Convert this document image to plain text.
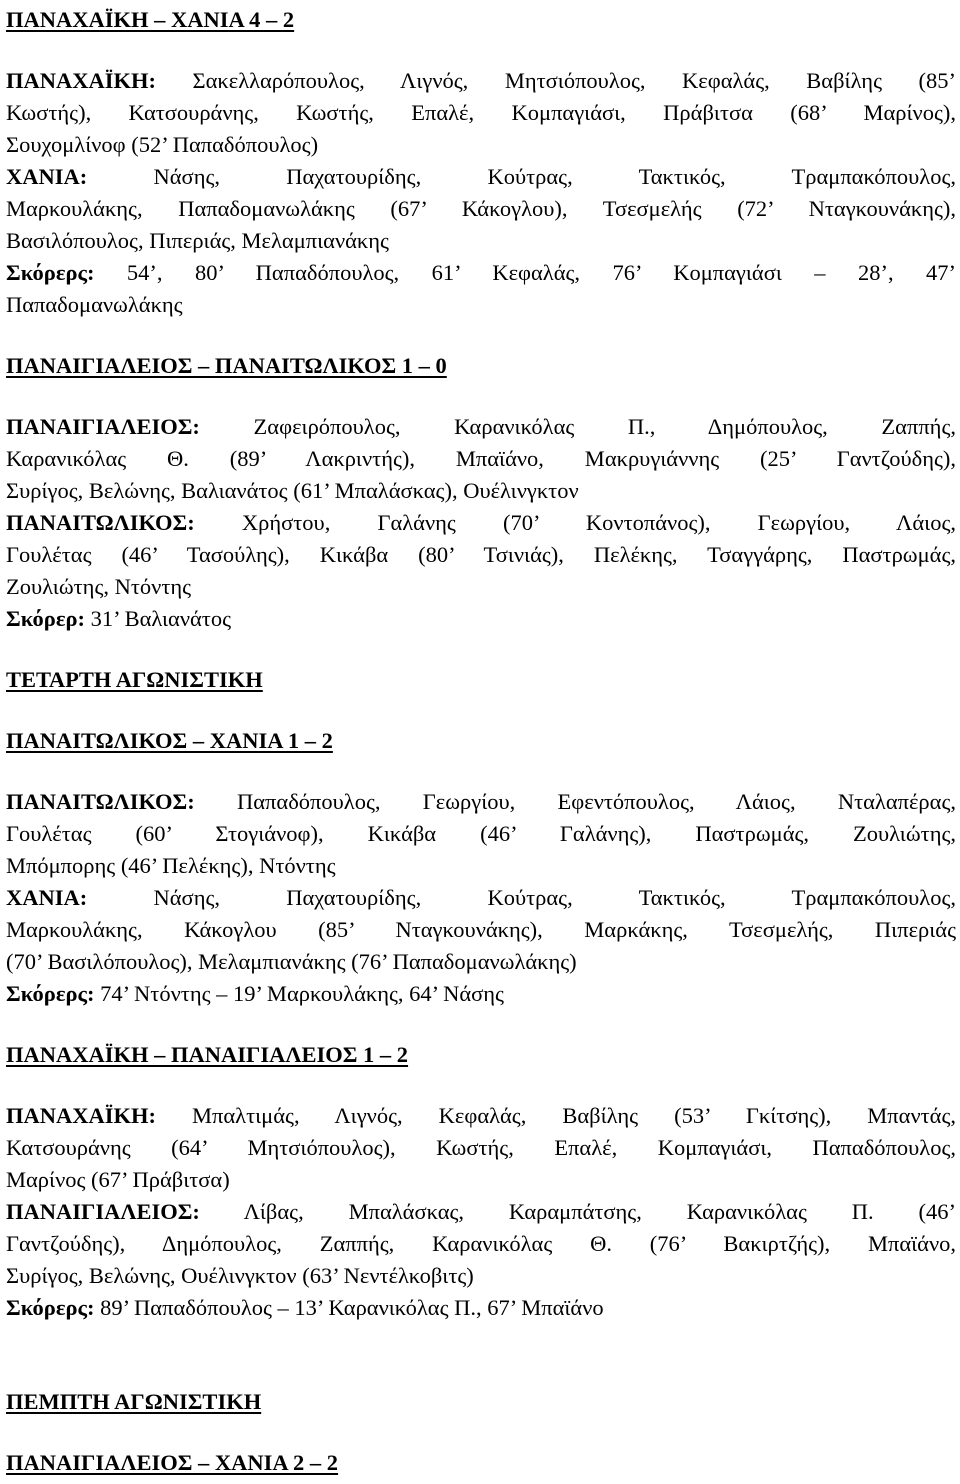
ΠΑΝΑΧΑΪΚΗ – ΧΑΝΙΑ 4 – 2
ΠΑΝΑΧΑΪΚΗ: Σακελλαρόπουλος, Λιγνός, Μητσιόπουλος, Κεφαλάς, Βαβίλης (85’
Κωστής), Κατσουράνης, Κωστής, Επαλέ, Κομπαγιάσι, Πράβιτσα (68’ Μαρίνος),
Σουχομλίνοφ (52’ Παπαδόπουλος)
ΧΑΝΙΑ: Νάσης, Παχατουρίδης, Κούτρας, Τακτικός, Τραμπακόπουλος,
Μαρκουλάκης, Παπαδομανωλάκης (67’ Κάκογλου), Τσεσμελής (72’ Νταγκουνάκης),
Βασιλόπουλος, Πιπεριάς, Μελαμπιανάκης
Σκόρερς: 54’, 80’ Παπαδόπουλος, 61’ Κεφαλάς, 76’ Κομπαγιάσι – 28’, 47’
Παπαδομανωλάκης
ΠΑΝΑΙΓΙΑΛΕΙΟΣ – ΠΑΝΑΙΤΩΛΙΚΟΣ 1 – 0
ΠΑΝΑΙΓΙΑΛΕΙΟΣ: Ζαφειρόπουλος, Καρανικόλας Π., Δημόπουλος, Ζαππής,
Καρανικόλας Θ. (89’ Λακριντής), Μπαϊάνο, Μακρυγιάννης (25’ Γαντζούδης),
Συρίγος, Βελώνης, Βαλιανάτος (61’ Μπαλάσκας), Ουέλινγκτον
ΠΑΝΑΙΤΩΛΙΚΟΣ: Χρήστου, Γαλάνης (70’ Κοντοπάνος), Γεωργίου, Λάιος,
Γουλέτας (46’ Τασούλης), Κικάβα (80’ Τσινιάς), Πελέκης, Τσαγγάρης, Παστρωμάς,
Ζουλιώτης, Ντόντης
Σκόρερ: 31’ Βαλιανάτος
ΤΕΤΑΡΤΗ ΑΓΩΝΙΣΤΙΚΗ
ΠΑΝΑΙΤΩΛΙΚΟΣ – ΧΑΝΙΑ 1 – 2
ΠΑΝΑΙΤΩΛΙΚΟΣ: Παπαδόπουλος, Γεωργίου, Εφεντόπουλος, Λάιος, Νταλαπέρας,
Γουλέτας (60’ Στογιάνοφ), Κικάβα (46’ Γαλάνης), Παστρωμάς, Ζουλιώτης,
Μπόμπορης (46’ Πελέκης), Ντόντης
ΧΑΝΙΑ: Νάσης, Παχατουρίδης, Κούτρας, Τακτικός, Τραμπακόπουλος,
Μαρκουλάκης, Κάκογλου (85’ Νταγκουνάκης), Μαρκάκης, Τσεσμελής, Πιπεριάς
(70’ Βασιλόπουλος), Μελαμπιανάκης (76’ Παπαδομανωλάκης)
Σκόρερς: 74’ Ντόντης – 19’ Μαρκουλάκης, 64’ Νάσης
ΠΑΝΑΧΑΪΚΗ – ΠΑΝΑΙΓΙΑΛΕΙΟΣ 1 – 2
ΠΑΝΑΧΑΪΚΗ: Μπαλτιμάς, Λιγνός, Κεφαλάς, Βαβίλης (53’ Γκίτσης), Μπαντάς,
Κατσουράνης (64’ Μητσιόπουλος), Κωστής, Επαλέ, Κομπαγιάσι, Παπαδόπουλος,
Μαρίνος (67’ Πράβιτσα)
ΠΑΝΑΙΓΙΑΛΕΙΟΣ: Λίβας, Μπαλάσκας, Καραμπάτσης, Καρανικόλας Π. (46’
Γαντζούδης), Δημόπουλος, Ζαππής, Καρανικόλας Θ. (76’ Βακιρτζής), Μπαϊάνο,
Συρίγος, Βελώνης, Ουέλινγκτον (63’ Νεντέλκοβιτς)
Σκόρερς: 89’ Παπαδόπουλος – 13’ Καρανικόλας Π., 67’ Μπαϊάνο
ΠΕΜΠΤΗ ΑΓΩΝΙΣΤΙΚΗ
ΠΑΝΑΙΓΙΑΛΕΙΟΣ – ΧΑΝΙΑ 2 – 2
